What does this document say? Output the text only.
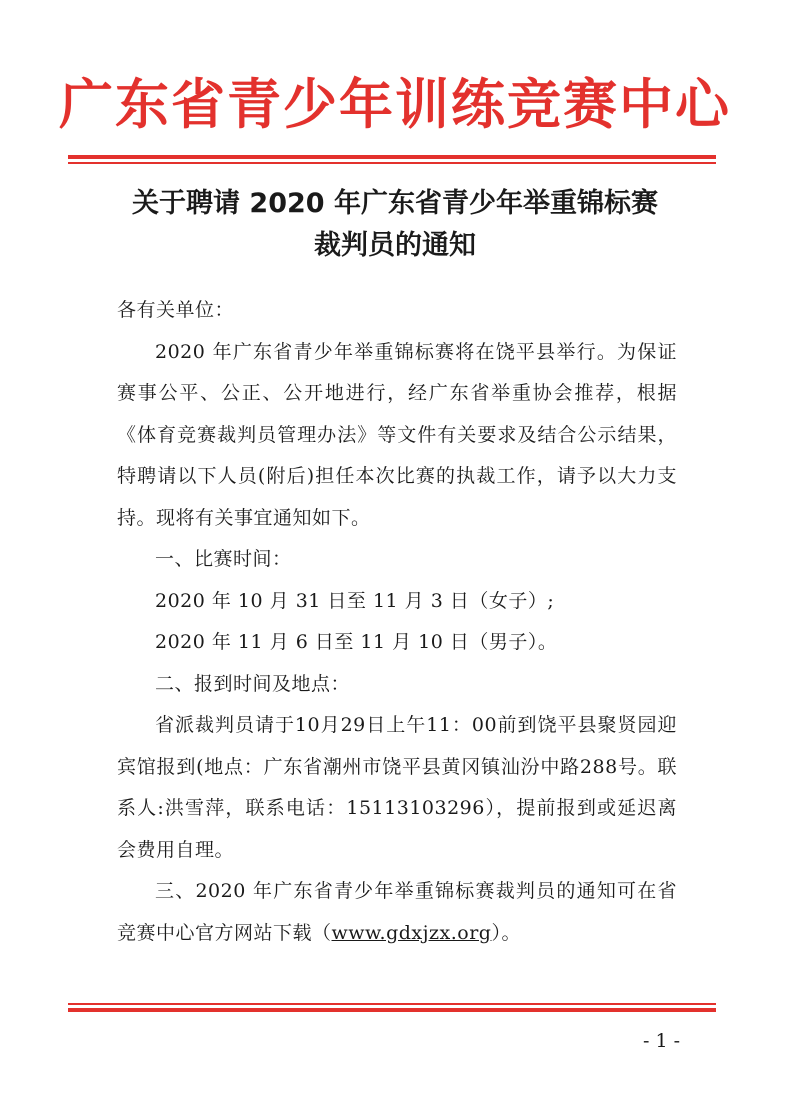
广东省青少年训练竞赛中心
关于聘请 2020 年广东省青少年举重锦标赛
裁判员的通知

各有关单位：

2020 年广东省青少年举重锦标赛将在饶平县举行。为保证赛事公平、公正、公开地进行，经广东省举重协会推荐，根据《体育竞赛裁判员管理办法》等文件有关要求及结合公示结果，特聘请以下人员(附后)担任本次比赛的执裁工作，请予以大力支持。现将有关事宜通知如下。

一、比赛时间：

2020 年 10 月 31 日至 11 月 3 日（女子）;

2020 年 11 月 6 日至 11 月 10 日（男子）。

二、报到时间及地点：

省派裁判员请于10月29日上午11：00前到饶平县聚贤园迎宾馆报到(地点：广东省潮州市饶平县黄冈镇汕汾中路288号。联系人:洪雪萍，联系电话：15113103296），提前报到或延迟离会费用自理。

三、2020 年广东省青少年举重锦标赛裁判员的通知可在省竞赛中心官方网站下载（www.gdxjzx.org）。

- 1 -
